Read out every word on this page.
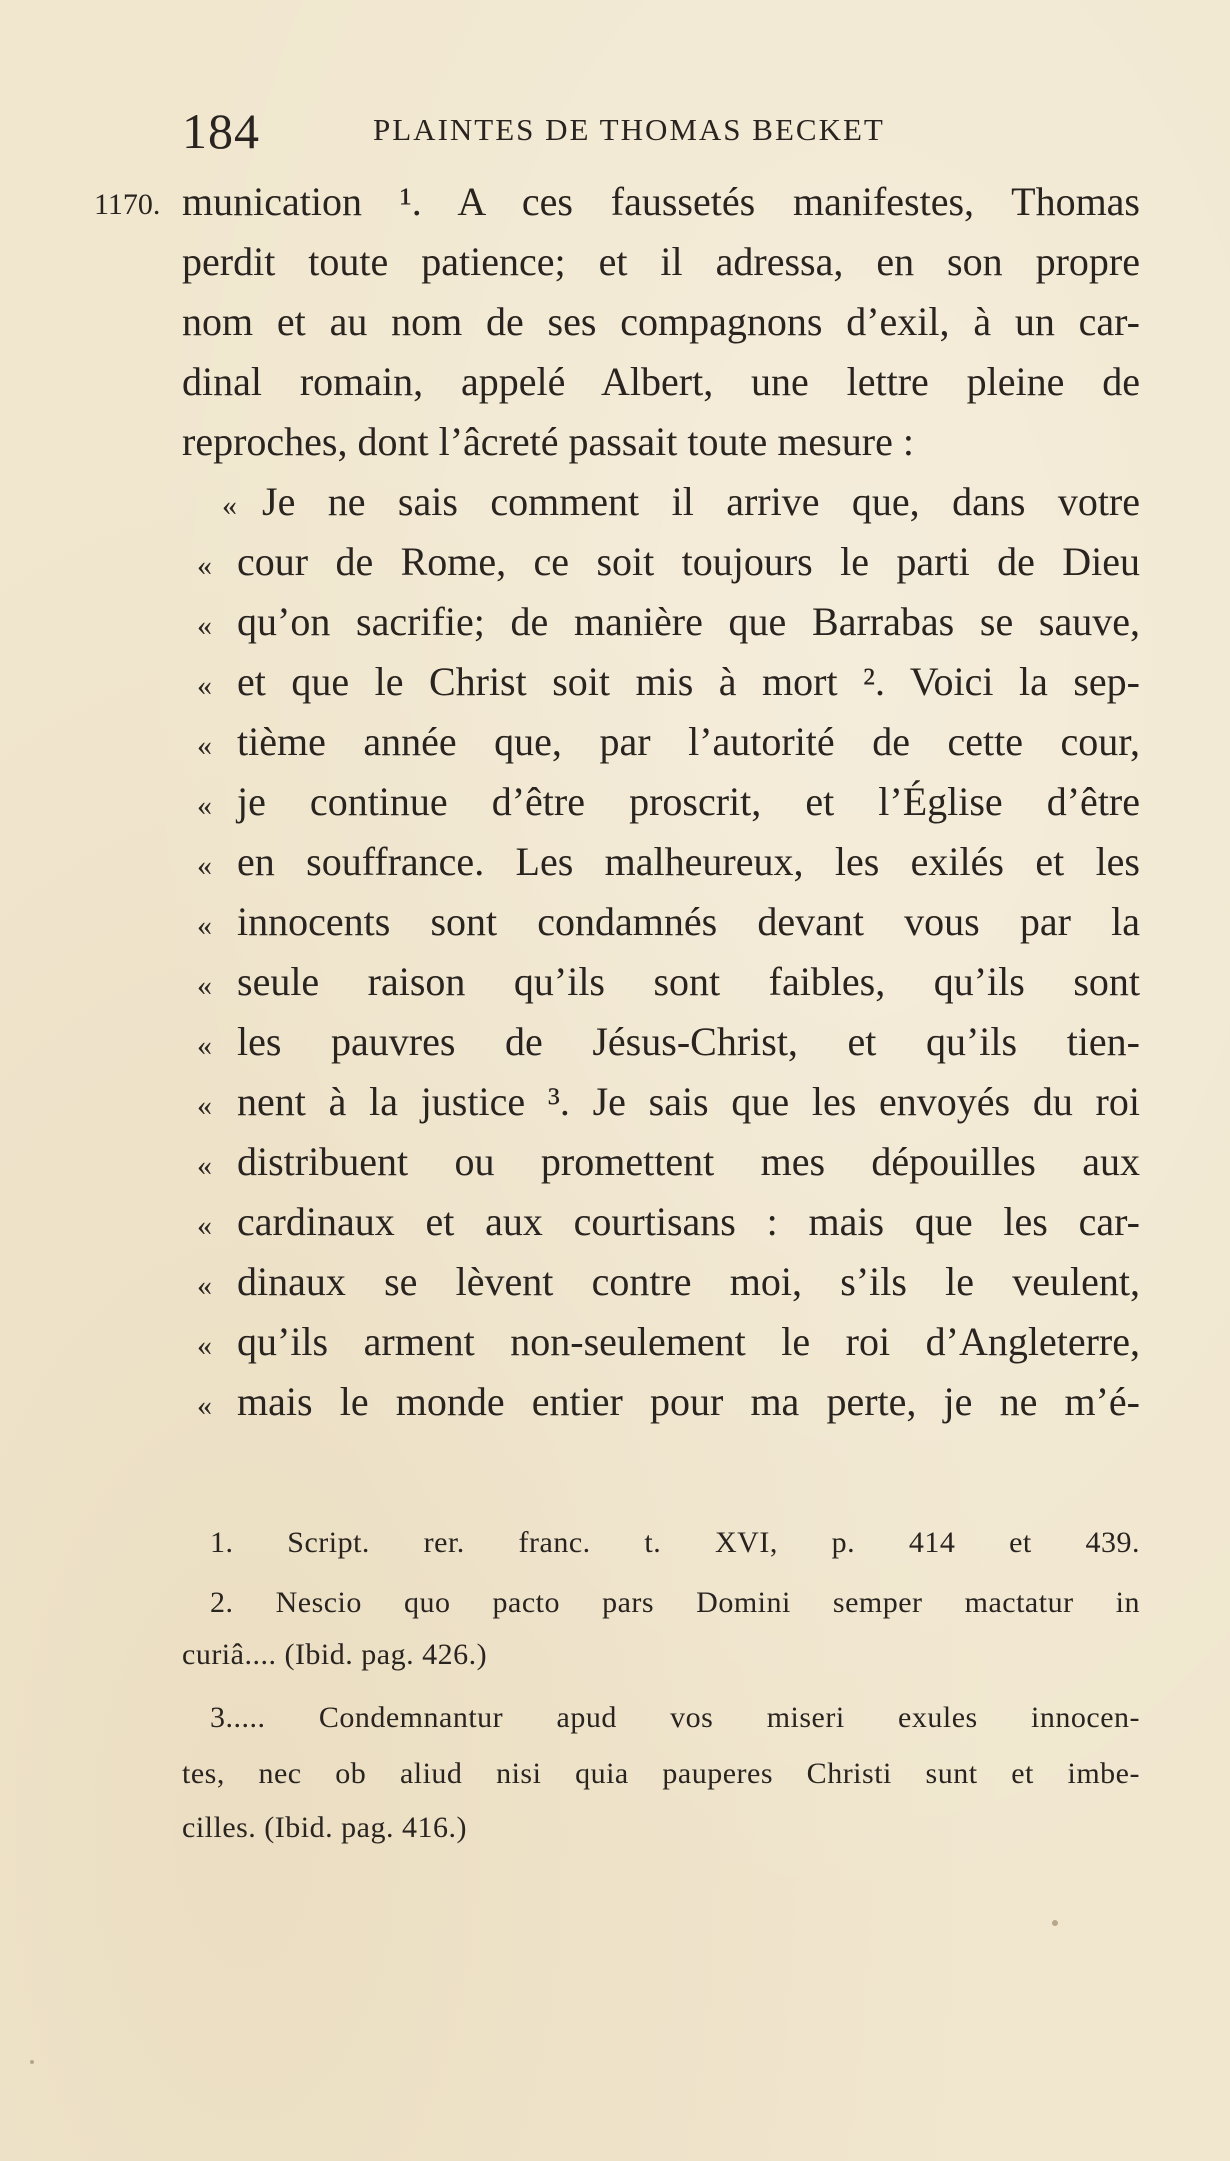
184	PLAINTES DE THOMAS BECKET
1170. munication ¹. A ces faussetés manifestes, Thomas
perdit toute patience; et il adressa, en son propre
nom et au nom de ses compagnons d’exil, à un car-
dinal romain, appelé Albert, une lettre pleine de
reproches, dont l’âcreté passait toute mesure :
« Je ne sais comment il arrive que, dans votre
« cour de Rome, ce soit toujours le parti de Dieu
« qu’on sacrifie; de manière que Barrabas se sauve,
« et que le Christ soit mis à mort ². Voici la sep-
« tième année que, par l’autorité de cette cour,
« je continue d’être proscrit, et l’Église d’être
« en souffrance. Les malheureux, les exilés et les
« innocents sont condamnés devant vous par la
« seule raison qu’ils sont faibles, qu’ils sont
« les pauvres de Jésus-Christ, et qu’ils tien-
« nent à la justice ³. Je sais que les envoyés du roi
« distribuent ou promettent mes dépouilles aux
« cardinaux et aux courtisans : mais que les car-
« dinaux se lèvent contre moi, s’ils le veulent,
« qu’ils arment non-seulement le roi d’Angleterre,
« mais le monde entier pour ma perte, je ne m’é-
1. Script. rer. franc. t. XVI, p. 414 et 439.
2. Nescio quo pacto pars Domini semper mactatur in
curiâ.... (Ibid. pag. 426.)
3..... Condemnantur apud vos miseri exules innocen-
tes, nec ob aliud nisi quia pauperes Christi sunt et imbe-
cilles. (Ibid. pag. 416.)
